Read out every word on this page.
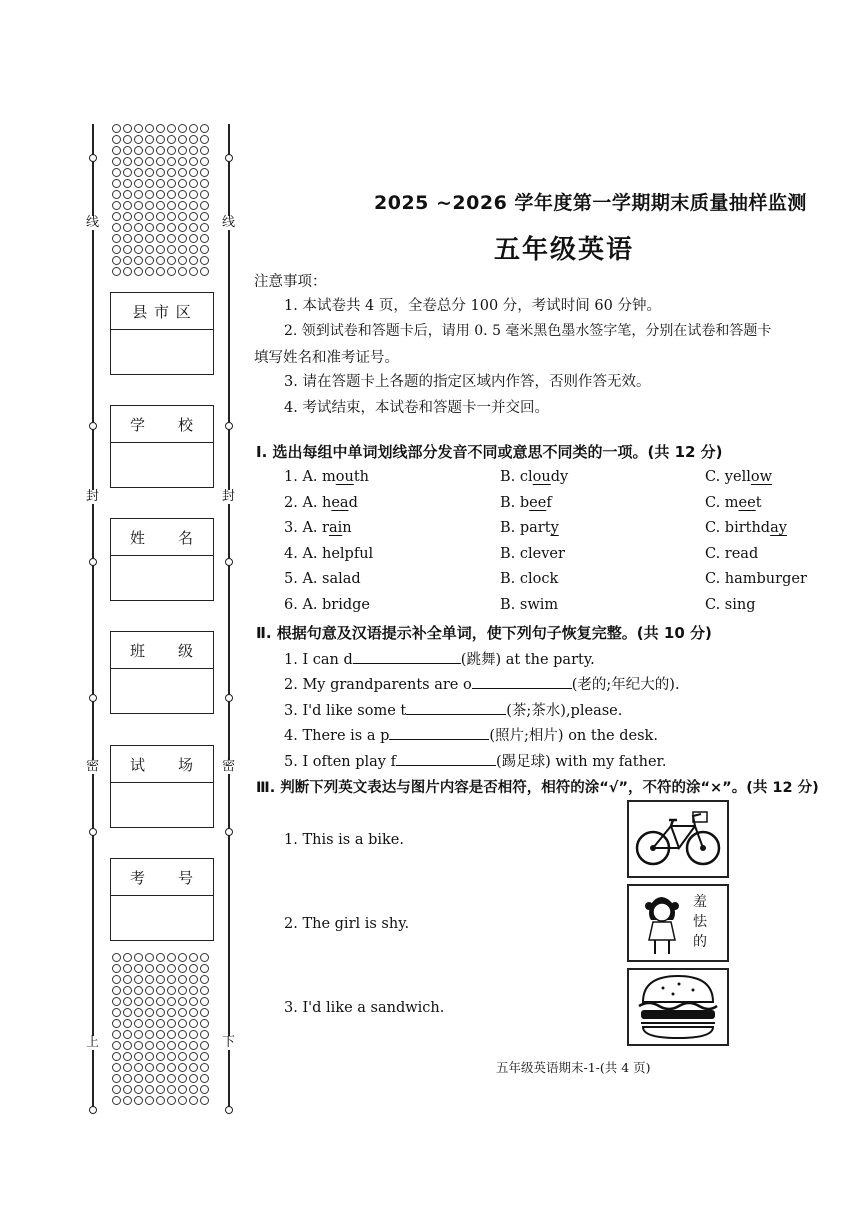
线
封
密
上
线
封
密
下
县 市 区
学　　校
姓　　名
班　　级
试　　场
考　　号
2025 ~2026 学年度第一学期期末质量抽样监测
五年级英语
注意事项：
1. 本试卷共 4 页，全卷总分 100 分，考试时间 60 分钟。
2. 领到试卷和答题卡后，请用 0. 5 毫米黑色墨水签字笔，分别在试卷和答题卡
填写姓名和准考证号。
3. 请在答题卡上各题的指定区域内作答，否则作答无效。
4. 考试结束，本试卷和答题卡一并交回。
Ⅰ. 选出每组中单词划线部分发音不同或意思不同类的一项。(共 12 分)
1. A. mouth	B. cloudy	C. yellow
2. A. head	B. beef	C. meet
3. A. rain	B. party	C. birthday
4. A. helpful	B. clever	C. read
5. A. salad	B. clock	C. hamburger
6. A. bridge	B. swim	C. sing
Ⅱ. 根据句意及汉语提示补全单词，使下列句子恢复完整。(共 10 分)
1. I can d	(跳舞) at the party.
2. My grandparents are o	(老的;年纪大的).
3. I'd like some t	(茶;茶水),please.
4. There is a p	(照片;相片) on the desk.
5. I often play f	(踢足球) with my father.
Ⅲ. 判断下列英文表达与图片内容是否相符，相符的涂“√”，不符的涂“×”。(共 12 分)
1. This is a bike.
2. The girl is shy.
3. I'd like a sandwich.
羞
怯
的
五年级英语期末-1-(共 4 页)
